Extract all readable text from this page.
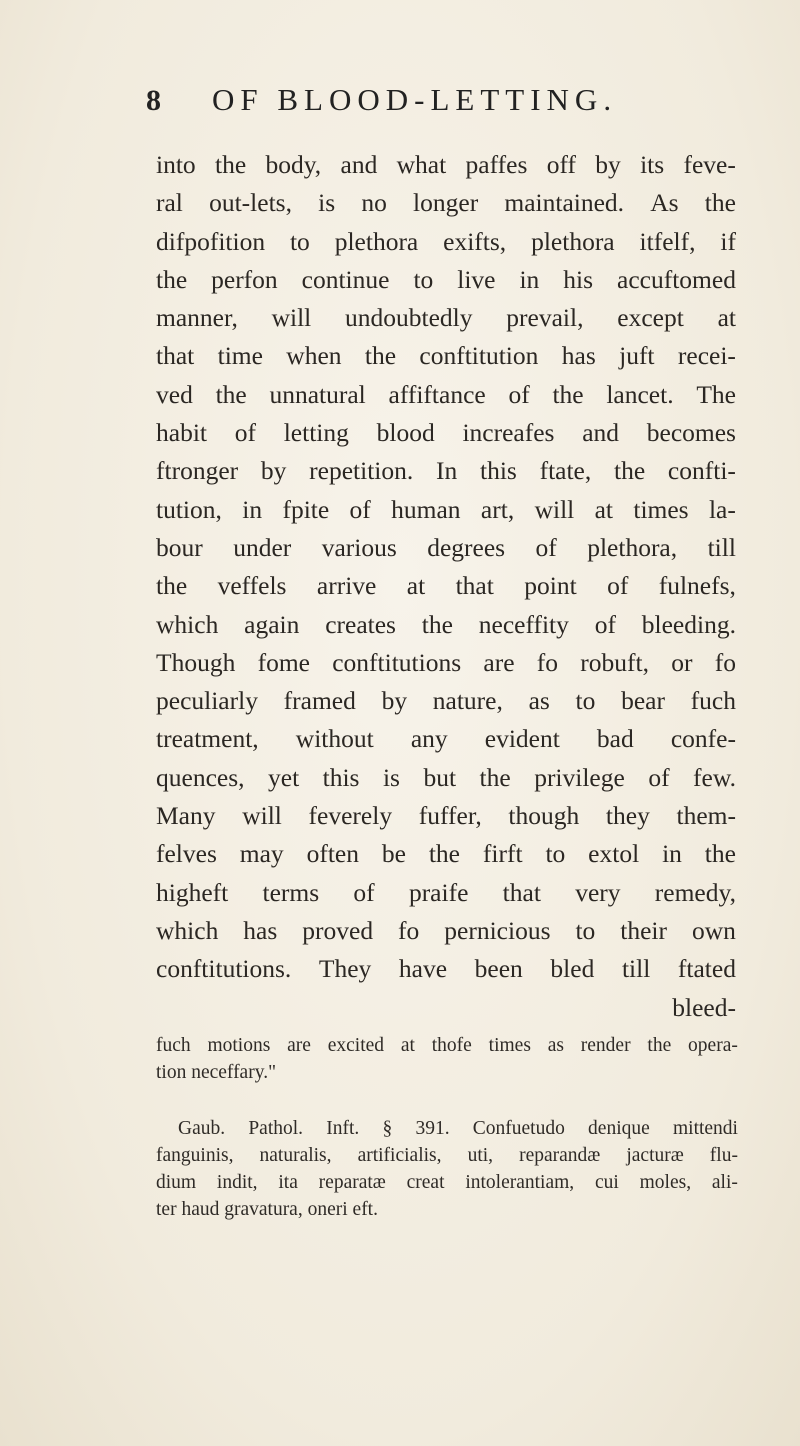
8	OF BLOOD-LETTING.
into the body, and what paffes off by its feve-
ral out-lets, is no longer maintained. As the
difpofition to plethora exifts, plethora itfelf, if
the perfon continue to live in his accuftomed
manner, will undoubtedly prevail, except at
that time when the conftitution has juft recei-
ved the unnatural affiftance of the lancet. The
habit of letting blood increafes and becomes
ftronger by repetition. In this ftate, the confti-
tution, in fpite of human art, will at times la-
bour under various degrees of plethora, till
the veffels arrive at that point of fulnefs,
which again creates the neceffity of bleeding.
Though fome conftitutions are fo robuft, or fo
peculiarly framed by nature, as to bear fuch
treatment, without any evident bad confe-
quences, yet this is but the privilege of few.
Many will feverely fuffer, though they them-
felves may often be the firft to extol in the
higheft terms of praife that very remedy,
which has proved fo pernicious to their own
conftitutions. They have been bled till ftated
bleed-
fuch motions are excited at thofe times as render the opera-
tion neceffary."
Gaub. Pathol. Inft. § 391. Confuetudo denique mittendi
fanguinis, naturalis, artificialis, uti, reparandæ jacturæ flu-
dium indit, ita reparatæ creat intolerantiam, cui moles, ali-
ter haud gravatura, oneri eft.
